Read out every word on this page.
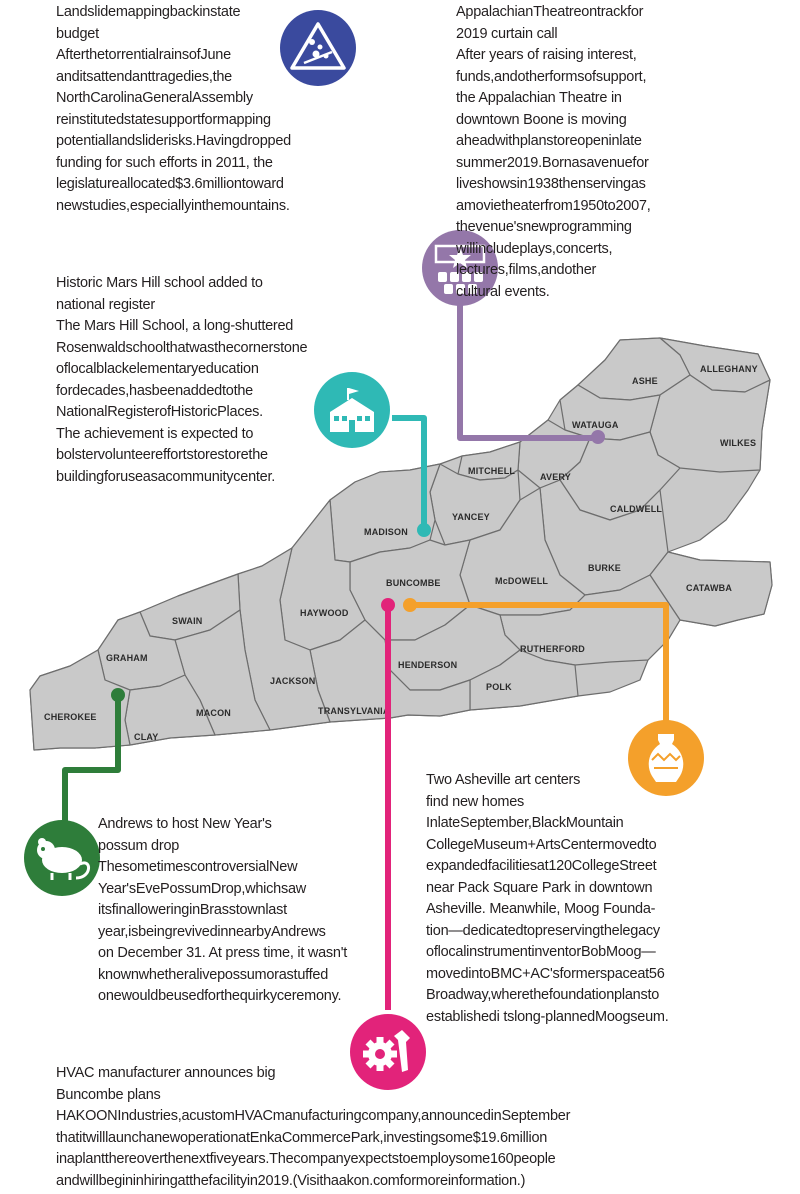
ASHE
ALLEGHANY
WATAUGA
WILKES
MITCHELL
AVERY
YANCEY
CALDWELL
MADISON
BURKE
BUNCOMBE	McDOWELL
CATAWBA
HAYWOOD
SWAIN
RUTHERFORD
GRAHAM
HENDERSON
JACKSON
POLK
CHEROKEE	MACON	TRANSYLVANIA
CLAY
Landslidemappingbackinstate
budget
AfterthetorrentialrainsofJune
anditsattendanttragedies,the
NorthCarolinaGeneralAssembly
reinstitutedstatesupportformapping
potentiallandsliderisks.Havingdropped
funding for such efforts in 2011, the
legislatureallocated$3.6milliontoward
newstudies,especiallyinthemountains.
AppalachianTheatreontrackfor
2019 curtain call
After years of raising interest,
funds,andotherformsofsupport,
the Appalachian Theatre in
downtown Boone is moving
aheadwithplanstoreopeninlate
summer2019.Bornasavenuefor
liveshowsin1938thenservingas
amovietheaterfrom1950to2007,
thevenue'snewprogramming
willincludeplays,concerts,
lectures,films,andother
cultural events.
Historic Mars Hill school added to
national register
The Mars Hill School, a long-shuttered
Rosenwaldschoolthatwasthecornerstone
oflocalblackelementaryeducation
fordecades,hasbeenaddedtothe
NationalRegisterofHistoricPlaces.
The achievement is expected to
bolstervolunteereffortstorestorethe
buildingforuseasacommunitycenter.
Andrews to host New Year's
possum drop
ThesometimescontroversialNew
Year'sEvePossumDrop,whichsaw
itsfinalloweringinBrasstownlast
year,isbeingrevivedinnearbyAndrews
on December 31. At press time, it wasn't
knownwhetheralivepossumorastuffed
onewouldbeusedforthequirkyceremony.
Two Asheville art centers
find new homes
InlateSeptember,BlackMountain
CollegeMuseum+ArtsCentermovedto
expandedfacilitiesat120CollegeStreet
near Pack Square Park in downtown
Asheville. Meanwhile, Moog Founda-
tion—dedicatedtopreservingthelegacy
oflocalinstrumentinventorBobMoog—
movedintoBMC+AC'sformerspaceat56
Broadway,wherethefoundationplansto
establishedi tslong-plannedMoogseum.
HVAC manufacturer announces big
Buncombe plans
HAKOONIndustries,acustomHVACmanufacturingcompany,announcedinSeptember
thatitwilllaunchanewoperationatEnkaCommercePark,investingsome$19.6million
inaplantthereoverthenextfiveyears.Thecompanyexpectstoemploysome160people
andwillbegininhiringatthefacilityin2019.(Visithaakon.comformoreinformation.)
